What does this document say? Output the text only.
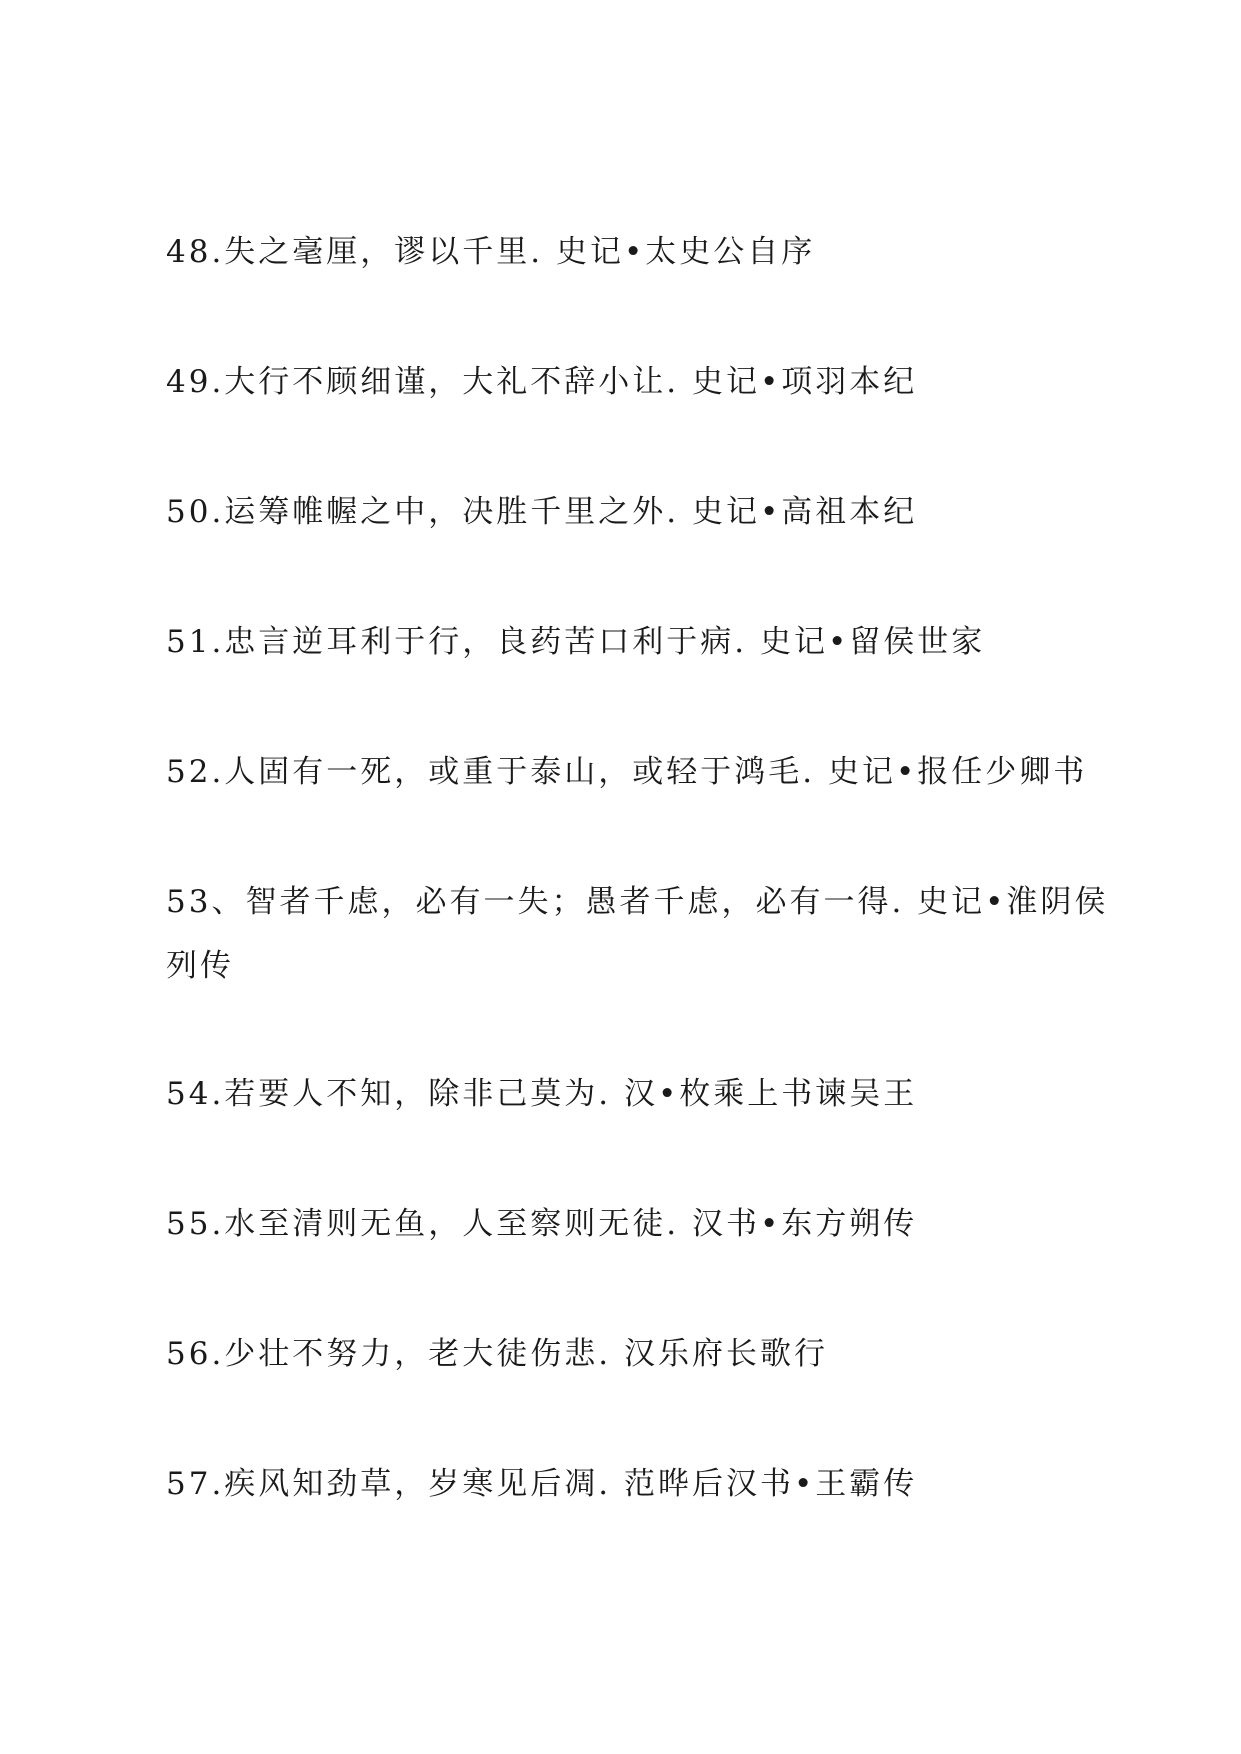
48.失之毫厘，谬以千里. 史记•太史公自序
49.大行不顾细谨，大礼不辞小让. 史记•项羽本纪
50.运筹帷幄之中，决胜千里之外. 史记•高祖本纪
51.忠言逆耳利于行，良药苦口利于病. 史记•留侯世家
52.人固有一死，或重于泰山，或轻于鸿毛. 史记•报任少卿书
53、智者千虑，必有一失；愚者千虑，必有一得. 史记•淮阴侯列传
54.若要人不知，除非己莫为. 汉•枚乘上书谏吴王
55.水至清则无鱼，人至察则无徒. 汉书•东方朔传
56.少壮不努力，老大徒伤悲. 汉乐府长歌行
57.疾风知劲草，岁寒见后凋. 范晔后汉书•王霸传
